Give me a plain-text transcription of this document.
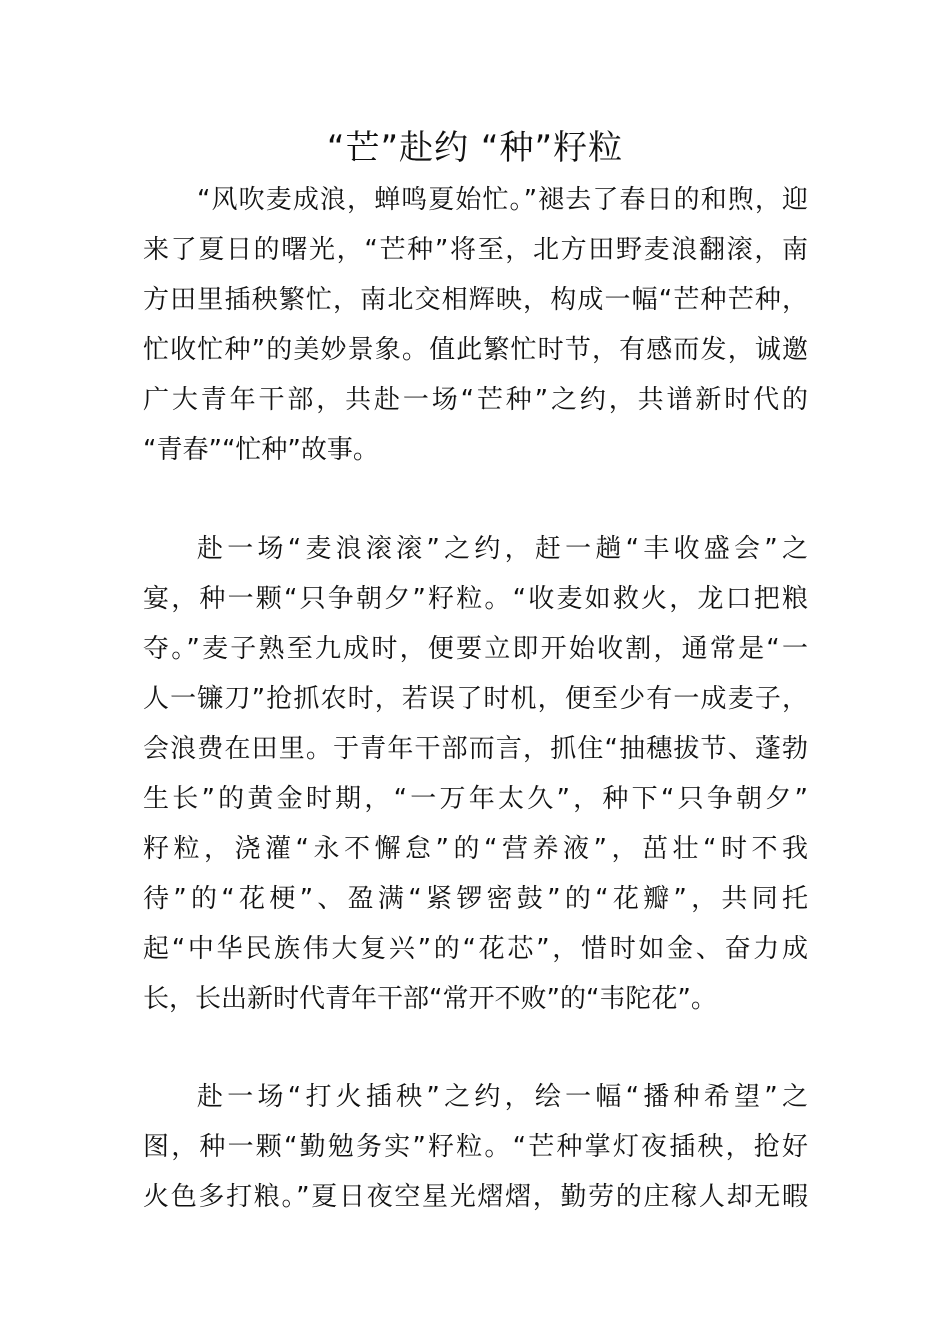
“芒”赴约 “种”籽粒
“风吹麦成浪，蝉鸣夏始忙。”褪去了春日的和煦，迎
来了夏日的曙光，“芒种”将至，北方田野麦浪翻滚，南
方田里插秧繁忙，南北交相辉映，构成一幅“芒种芒种，
忙收忙种”的美妙景象。值此繁忙时节，有感而发，诚邀
广大青年干部，共赴一场“芒种”之约，共谱新时代的
“青春”“忙种”故事。
赴一场“麦浪滚滚”之约，赶一趟“丰收盛会”之
宴，种一颗“只争朝夕”籽粒。“收麦如救火，龙口把粮
夺。”麦子熟至九成时，便要立即开始收割，通常是“一
人一镰刀”抢抓农时，若误了时机，便至少有一成麦子，
会浪费在田里。于青年干部而言，抓住“抽穗拔节、蓬勃
生长”的黄金时期，“一万年太久”，种下“只争朝夕”
籽粒，浇灌“永不懈怠”的“营养液”，茁壮“时不我
待”的“花梗”、盈满“紧锣密鼓”的“花瓣”，共同托
起“中华民族伟大复兴”的“花芯”，惜时如金、奋力成
长，长出新时代青年干部“常开不败”的“韦陀花”。
赴一场“打火插秧”之约，绘一幅“播种希望”之
图，种一颗“勤勉务实”籽粒。“芒种掌灯夜插秧，抢好
火色多打粮。”夏日夜空星光熠熠，勤劳的庄稼人却无暇
